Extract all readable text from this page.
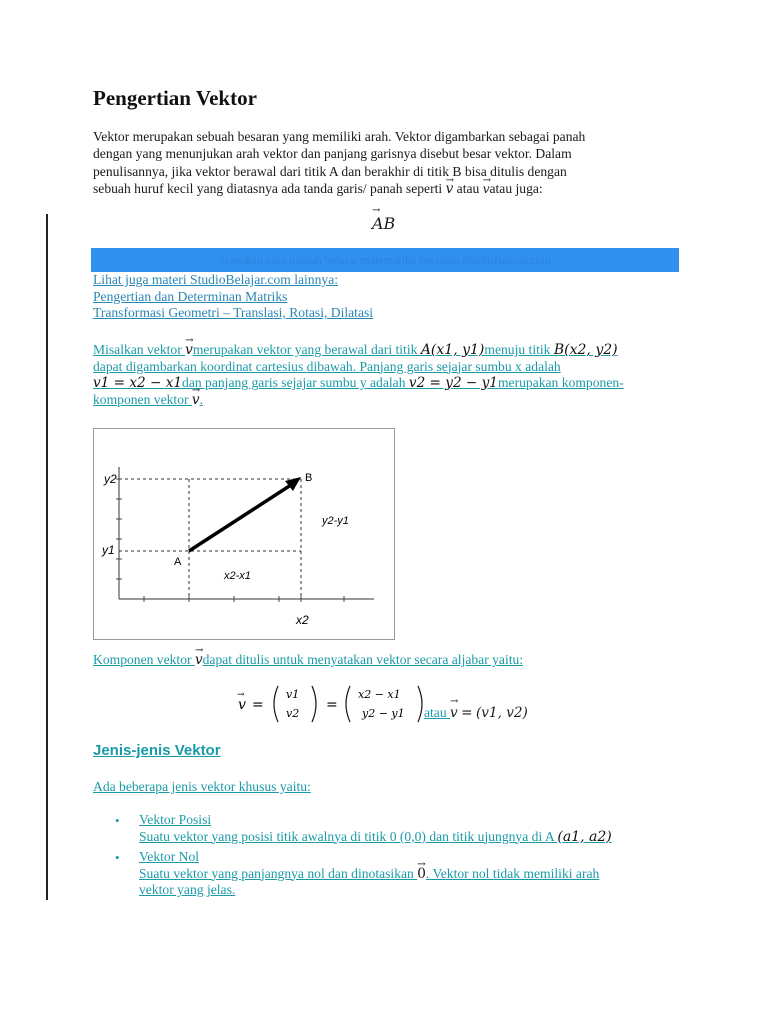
Pengertian Vektor
Vektor merupakan sebuah besaran yang memiliki arah. Vektor digambarkan sebagai panah
dengan yang menunjukan arah vektor dan panjang garisnya disebut besar vektor. Dalam
penulisannya, jika vektor berawal dari titik A dan berakhir di titik B bisa ditulis dengan
sebuah huruf kecil yang diatasnya ada tanda garis/ panah seperti → v atau → vatau juga:
→ AB
Temukan cara mudah belajar matematika bersama StudioBelajar.com
Lihat juga materi StudioBelajar.com lainnya:
Pengertian dan Determinan Matriks
Transformasi Geometri – Translasi, Rotasi, Dilatasi
Misalkan vektor → vmerupakan vektor yang berawal dari titik A(x1, y1)menuju titik B(x2, y2)
dapat digambarkan koordinat cartesius dibawah. Panjang garis sejajar sumbu x adalah
v1 = x2 − x1dan panjang garis sejajar sumbu y adalah v2 = y2 − y1merupakan komponen-
komponen vektor → v.
y2
y1
x2
A
B
x2-x1
y2-y1
Komponen vektor → vdapat ditulis untuk menyatakan vektor secara aljabar yaitu:
v
→
=
v1
v2
=
x2 − x1
y2 − y1 atau → v = (v1, v2)
Jenis-jenis Vektor
Ada beberapa jenis vektor khusus yaitu:
• Vektor Posisi
Suatu vektor yang posisi titik awalnya di titik 0 (0,0) dan titik ujungnya di A (a1, a2)
• Vektor Nol
Suatu vektor yang panjangnya nol dan dinotasikan → 0. Vektor nol tidak memiliki arah
vektor yang jelas.
